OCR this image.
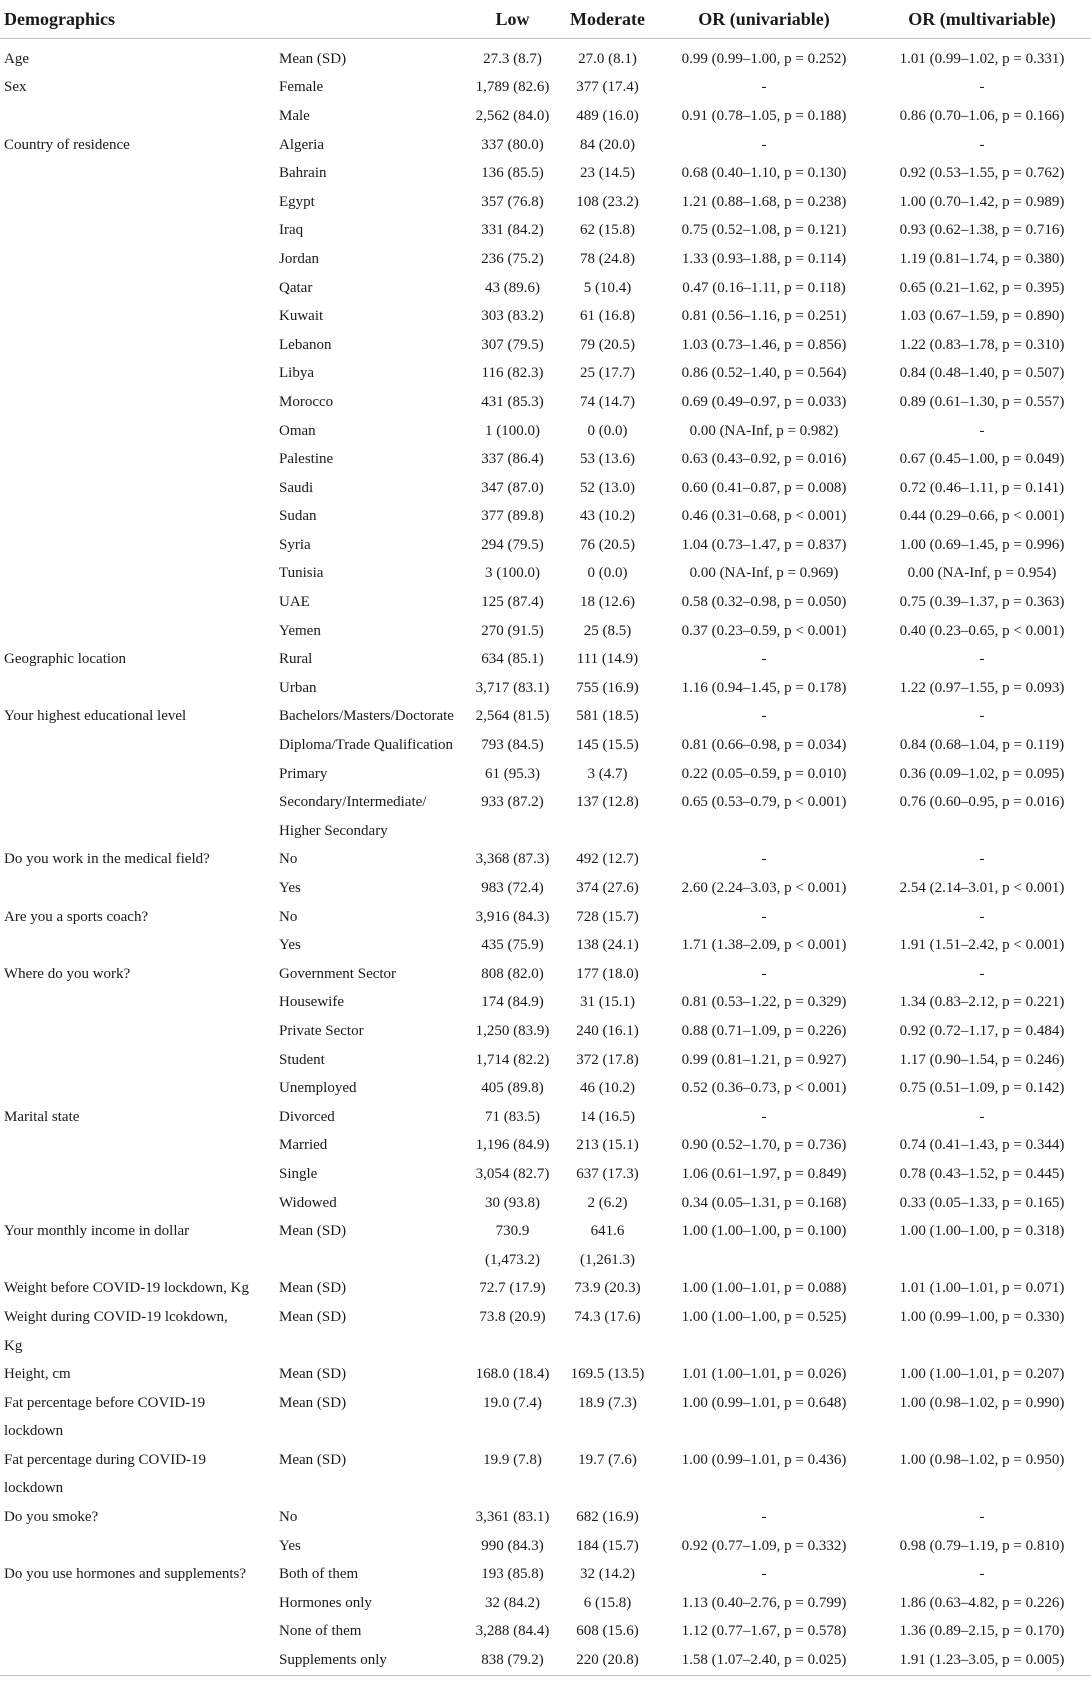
Demographics		Low	Moderate	OR (univariable)	OR (multivariable)
Age	Mean (SD)	27.3 (8.7)	27.0 (8.1)	0.99 (0.99–1.00, p = 0.252)	1.01 (0.99–1.02, p = 0.331)
Sex	Female	1,789 (82.6)	377 (17.4)	-	-
	Male	2,562 (84.0)	489 (16.0)	0.91 (0.78–1.05, p = 0.188)	0.86 (0.70–1.06, p = 0.166)
Country of residence	Algeria	337 (80.0)	84 (20.0)	-	-
	Bahrain	136 (85.5)	23 (14.5)	0.68 (0.40–1.10, p = 0.130)	0.92 (0.53–1.55, p = 0.762)
	Egypt	357 (76.8)	108 (23.2)	1.21 (0.88–1.68, p = 0.238)	1.00 (0.70–1.42, p = 0.989)
	Iraq	331 (84.2)	62 (15.8)	0.75 (0.52–1.08, p = 0.121)	0.93 (0.62–1.38, p = 0.716)
	Jordan	236 (75.2)	78 (24.8)	1.33 (0.93–1.88, p = 0.114)	1.19 (0.81–1.74, p = 0.380)
	Qatar	43 (89.6)	5 (10.4)	0.47 (0.16–1.11, p = 0.118)	0.65 (0.21–1.62, p = 0.395)
	Kuwait	303 (83.2)	61 (16.8)	0.81 (0.56–1.16, p = 0.251)	1.03 (0.67–1.59, p = 0.890)
	Lebanon	307 (79.5)	79 (20.5)	1.03 (0.73–1.46, p = 0.856)	1.22 (0.83–1.78, p = 0.310)
	Libya	116 (82.3)	25 (17.7)	0.86 (0.52–1.40, p = 0.564)	0.84 (0.48–1.40, p = 0.507)
	Morocco	431 (85.3)	74 (14.7)	0.69 (0.49–0.97, p = 0.033)	0.89 (0.61–1.30, p = 0.557)
	Oman	1 (100.0)	0 (0.0)	0.00 (NA-Inf, p = 0.982)	-
	Palestine	337 (86.4)	53 (13.6)	0.63 (0.43–0.92, p = 0.016)	0.67 (0.45–1.00, p = 0.049)
	Saudi	347 (87.0)	52 (13.0)	0.60 (0.41–0.87, p = 0.008)	0.72 (0.46–1.11, p = 0.141)
	Sudan	377 (89.8)	43 (10.2)	0.46 (0.31–0.68, p < 0.001)	0.44 (0.29–0.66, p < 0.001)
	Syria	294 (79.5)	76 (20.5)	1.04 (0.73–1.47, p = 0.837)	1.00 (0.69–1.45, p = 0.996)
	Tunisia	3 (100.0)	0 (0.0)	0.00 (NA-Inf, p = 0.969)	0.00 (NA-Inf, p = 0.954)
	UAE	125 (87.4)	18 (12.6)	0.58 (0.32–0.98, p = 0.050)	0.75 (0.39–1.37, p = 0.363)
	Yemen	270 (91.5)	25 (8.5)	0.37 (0.23–0.59, p < 0.001)	0.40 (0.23–0.65, p < 0.001)
Geographic location	Rural	634 (85.1)	111 (14.9)	-	-
	Urban	3,717 (83.1)	755 (16.9)	1.16 (0.94–1.45, p = 0.178)	1.22 (0.97–1.55, p = 0.093)
Your highest educational level	Bachelors/Masters/Doctorate	2,564 (81.5)	581 (18.5)	-	-
	Diploma/Trade Qualification	793 (84.5)	145 (15.5)	0.81 (0.66–0.98, p = 0.034)	0.84 (0.68–1.04, p = 0.119)
	Primary	61 (95.3)	3 (4.7)	0.22 (0.05–0.59, p = 0.010)	0.36 (0.09–1.02, p = 0.095)
	Secondary/Intermediate/	933 (87.2)	137 (12.8)	0.65 (0.53–0.79, p < 0.001)	0.76 (0.60–0.95, p = 0.016)
	Higher Secondary				
Do you work in the medical field?	No	3,368 (87.3)	492 (12.7)	-	-
	Yes	983 (72.4)	374 (27.6)	2.60 (2.24–3.03, p < 0.001)	2.54 (2.14–3.01, p < 0.001)
Are you a sports coach?	No	3,916 (84.3)	728 (15.7)	-	-
	Yes	435 (75.9)	138 (24.1)	1.71 (1.38–2.09, p < 0.001)	1.91 (1.51–2.42, p < 0.001)
Where do you work?	Government Sector	808 (82.0)	177 (18.0)	-	-
	Housewife	174 (84.9)	31 (15.1)	0.81 (0.53–1.22, p = 0.329)	1.34 (0.83–2.12, p = 0.221)
	Private Sector	1,250 (83.9)	240 (16.1)	0.88 (0.71–1.09, p = 0.226)	0.92 (0.72–1.17, p = 0.484)
	Student	1,714 (82.2)	372 (17.8)	0.99 (0.81–1.21, p = 0.927)	1.17 (0.90–1.54, p = 0.246)
	Unemployed	405 (89.8)	46 (10.2)	0.52 (0.36–0.73, p < 0.001)	0.75 (0.51–1.09, p = 0.142)
Marital state	Divorced	71 (83.5)	14 (16.5)	-	-
	Married	1,196 (84.9)	213 (15.1)	0.90 (0.52–1.70, p = 0.736)	0.74 (0.41–1.43, p = 0.344)
	Single	3,054 (82.7)	637 (17.3)	1.06 (0.61–1.97, p = 0.849)	0.78 (0.43–1.52, p = 0.445)
	Widowed	30 (93.8)	2 (6.2)	0.34 (0.05–1.31, p = 0.168)	0.33 (0.05–1.33, p = 0.165)
Your monthly income in dollar	Mean (SD)	730.9	641.6	1.00 (1.00–1.00, p = 0.100)	1.00 (1.00–1.00, p = 0.318)
		(1,473.2)	(1,261.3)		
Weight before COVID-19 lockdown, Kg	Mean (SD)	72.7 (17.9)	73.9 (20.3)	1.00 (1.00–1.01, p = 0.088)	1.01 (1.00–1.01, p = 0.071)
Weight during COVID-19 lcokdown,	Mean (SD)	73.8 (20.9)	74.3 (17.6)	1.00 (1.00–1.00, p = 0.525)	1.00 (0.99–1.00, p = 0.330)
Kg					
Height, cm	Mean (SD)	168.0 (18.4)	169.5 (13.5)	1.01 (1.00–1.01, p = 0.026)	1.00 (1.00–1.01, p = 0.207)
Fat percentage before COVID-19	Mean (SD)	19.0 (7.4)	18.9 (7.3)	1.00 (0.99–1.01, p = 0.648)	1.00 (0.98–1.02, p = 0.990)
lockdown					
Fat percentage during COVID-19	Mean (SD)	19.9 (7.8)	19.7 (7.6)	1.00 (0.99–1.01, p = 0.436)	1.00 (0.98–1.02, p = 0.950)
lockdown					
Do you smoke?	No	3,361 (83.1)	682 (16.9)	-	-
	Yes	990 (84.3)	184 (15.7)	0.92 (0.77–1.09, p = 0.332)	0.98 (0.79–1.19, p = 0.810)
Do you use hormones and supplements?	Both of them	193 (85.8)	32 (14.2)	-	-
	Hormones only	32 (84.2)	6 (15.8)	1.13 (0.40–2.76, p = 0.799)	1.86 (0.63–4.82, p = 0.226)
	None of them	3,288 (84.4)	608 (15.6)	1.12 (0.77–1.67, p = 0.578)	1.36 (0.89–2.15, p = 0.170)
	Supplements only	838 (79.2)	220 (20.8)	1.58 (1.07–2.40, p = 0.025)	1.91 (1.23–3.05, p = 0.005)
